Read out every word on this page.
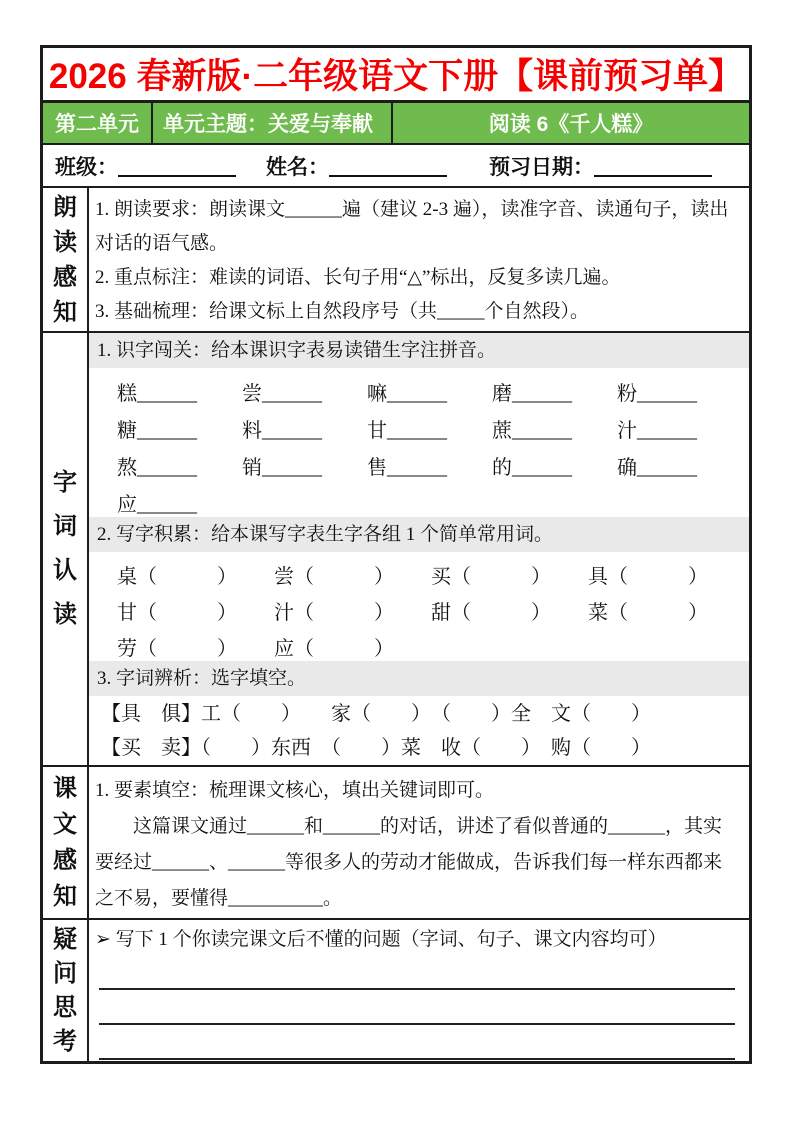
2026 春新版·二年级语文下册【课前预习单】
第二单元	单元主题：关爱与奉献	阅读 6《千人糕》
班级：	姓名：	预习日期：
朗读感知
1. 朗读要求：朗读课文______遍（建议 2-3 遍），读准字音、读通句子，读出对话的语气感。
2. 重点标注：难读的词语、长句子用“△”标出，反复多读几遍。
3. 基础梳理：给课文标上自然段序号（共_____个自然段）。
字词认读
1. 识字闯关：给本课识字表易读错生字注拼音。
糕______	尝______	嘛______	磨______	粉______
糖______	料______	甘______	蔗______	汁______
熬______	销______	售______	的______	确______
应______
2. 写字积累：给本课写字表生字各组 1 个简单常用词。
桌（　　　）	尝（　　　）	买（　　　）	具（　　　）
甘（　　　）	汁（　　　）	甜（　　　）	菜（　　　）
劳（　　　）	应（　　　）
3. 字词辨析：选字填空。
【具　俱】工（　　）　　家（　　）　（　　）全　文（　　）
【买　卖】（　　）东西　（　　）菜　收（　　）　购（　　）
课文感知
1. 要素填空：梳理课文核心，填出关键词即可。
这篇课文通过______和______的对话，讲述了看似普通的______，其实要经过______、______等很多人的劳动才能做成，告诉我们每一样东西都来之不易，要懂得__________。
疑问思考
➢ 写下 1 个你读完课文后不懂的问题（字词、句子、课文内容均可）
